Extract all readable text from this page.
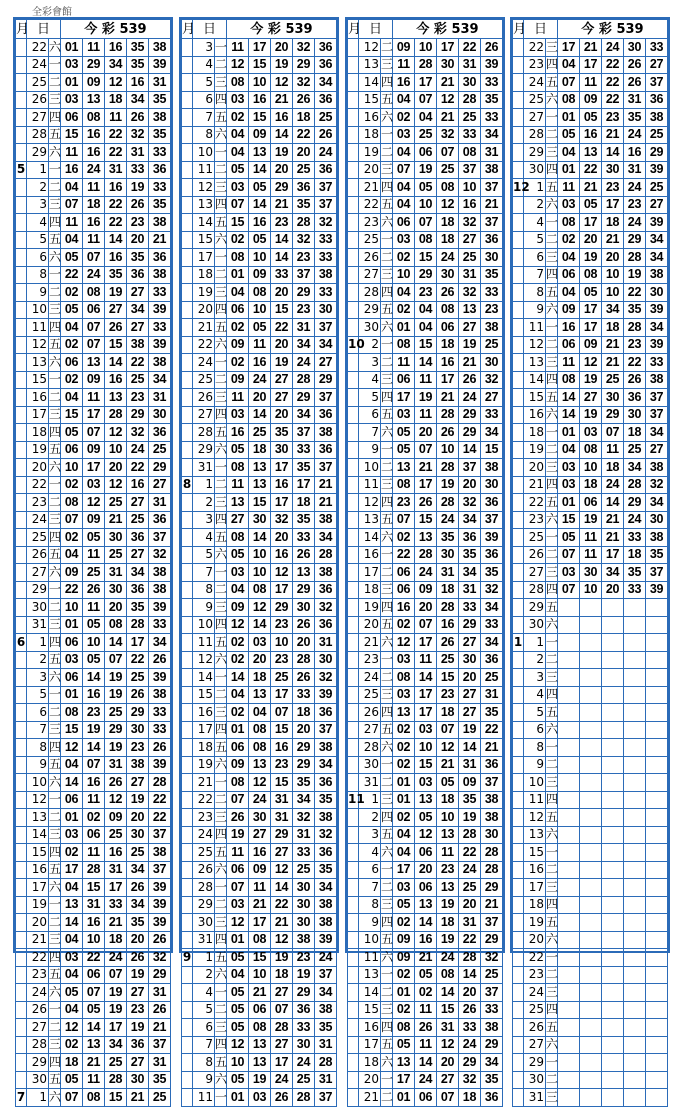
全彩會館
月	日		今 彩 539				
	22	六	01	11	16	35	38
	24	一	03	29	34	35	39
	25	二	01	09	12	16	31
	26	三	03	13	18	34	35
	27	四	06	08	11	26	38
	28	五	15	16	22	32	35
	29	六	11	16	22	31	33
5	1	一	16	24	31	33	36
	2	二	04	11	16	19	33
	3	三	07	18	22	26	35
	4	四	11	16	22	23	38
	5	五	04	11	14	20	21
	6	六	05	07	16	35	36
	8	一	22	24	35	36	38
	9	二	02	08	19	27	33
	10	三	05	06	27	34	39
	11	四	04	07	26	27	33
	12	五	02	07	15	38	39
	13	六	06	13	14	22	38
	15	一	02	09	16	25	34
	16	二	04	11	13	23	31
	17	三	15	17	28	29	30
	18	四	05	07	12	32	36
	19	五	06	09	10	24	25
	20	六	10	17	20	22	29
	22	一	02	03	12	16	27
	23	二	08	12	25	27	31
	24	三	07	09	21	25	36
	25	四	02	05	30	36	37
	26	五	04	11	25	27	32
	27	六	09	25	31	34	38
	29	一	22	26	30	36	38
	30	二	10	11	20	35	39
	31	三	01	05	08	28	33
6	1	四	06	10	14	17	34
	2	五	03	05	07	22	26
	3	六	06	14	19	25	39
	5	一	01	16	19	26	38
	6	二	08	23	25	29	33
	7	三	15	19	29	30	33
	8	四	12	14	19	23	26
	9	五	04	07	31	38	39
	10	六	14	16	26	27	28
	12	一	06	11	12	19	22
	13	二	01	02	09	20	22
	14	三	03	06	25	30	37
	15	四	02	11	16	25	38
	16	五	17	28	31	34	37
	17	六	04	15	17	26	39
	19	一	13	31	33	34	39
	20	二	14	16	21	35	39
	21	三	04	10	18	20	26
	22	四	03	22	24	26	32
	23	五	04	06	07	19	29
	24	六	05	07	19	27	31
	26	一	04	05	19	23	26
	27	二	12	14	17	19	21
	28	三	02	13	34	36	37
	29	四	18	21	25	27	31
	30	五	05	11	28	30	35
7	1	六	07	08	15	21	25
月	日		今 彩 539				
	3	一	11	17	20	32	36
	4	二	12	15	19	29	36
	5	三	08	10	12	32	34
	6	四	03	16	21	26	36
	7	五	02	15	16	18	25
	8	六	04	09	14	22	26
	10	一	04	13	19	20	24
	11	二	05	14	20	25	36
	12	三	03	05	29	36	37
	13	四	07	14	21	35	37
	14	五	15	16	23	28	32
	15	六	02	05	14	32	33
	17	一	08	10	14	23	33
	18	二	01	09	33	37	38
	19	三	04	08	20	29	33
	20	四	06	10	15	23	30
	21	五	02	05	22	31	37
	22	六	09	11	20	34	34
	24	一	02	16	19	24	27
	25	二	09	24	27	28	29
	26	三	11	20	27	29	37
	27	四	03	14	20	34	36
	28	五	16	25	35	37	38
	29	六	05	18	30	33	36
	31	一	08	13	17	35	37
8	1	二	11	13	16	17	21
	2	三	13	15	17	18	21
	3	四	27	30	32	35	38
	4	五	08	14	20	33	34
	5	六	05	10	16	26	28
	7	一	03	10	12	13	38
	8	二	04	08	17	29	36
	9	三	09	12	29	30	32
	10	四	12	14	23	26	36
	11	五	02	03	10	20	31
	12	六	02	20	23	28	30
	14	一	14	18	25	26	32
	15	二	04	13	17	33	39
	16	三	02	04	07	18	36
	17	四	01	08	15	20	37
	18	五	06	08	16	29	38
	19	六	09	13	23	29	34
	21	一	08	12	15	35	36
	22	二	07	24	31	34	35
	23	三	26	30	31	32	38
	24	四	19	27	29	31	32
	25	五	11	16	27	33	36
	26	六	06	09	12	25	35
	28	一	07	11	14	30	34
	29	二	03	21	22	30	38
	30	三	12	17	21	30	38
	31	四	01	08	12	38	39
9	1	五	05	15	19	23	24
	2	六	04	10	18	19	37
	4	一	05	21	27	29	34
	5	二	05	06	07	36	38
	6	三	05	08	28	33	35
	7	四	12	13	27	30	31
	8	五	10	13	17	24	28
	9	六	05	19	24	25	31
	11	一	01	03	26	28	37
月	日		今 彩 539				
	12	二	09	10	17	22	26
	13	三	11	28	30	31	39
	14	四	16	17	21	30	33
	15	五	04	07	12	28	35
	16	六	02	04	21	25	33
	18	一	03	25	32	33	34
	19	二	04	06	07	08	31
	20	三	07	19	25	37	38
	21	四	04	05	08	10	37
	22	五	04	10	12	16	21
	23	六	06	07	18	32	37
	25	一	03	08	18	27	36
	26	二	02	15	24	25	30
	27	三	10	29	30	31	35
	28	四	04	23	26	32	33
	29	五	02	04	08	13	23
	30	六	01	04	06	27	38
10	2	一	08	15	18	19	25
	3	二	11	14	16	21	30
	4	三	06	11	17	26	32
	5	四	17	19	21	24	27
	6	五	03	11	28	29	33
	7	六	05	20	26	29	34
	9	一	05	07	10	14	15
	10	二	13	21	28	37	38
	11	三	08	17	19	20	30
	12	四	23	26	28	32	36
	13	五	07	15	24	34	37
	14	六	02	13	35	36	39
	16	一	22	28	30	35	36
	17	二	06	24	31	34	35
	18	三	06	09	18	31	32
	19	四	16	20	28	33	34
	20	五	02	07	16	29	33
	21	六	12	17	26	27	34
	23	一	03	11	25	30	36
	24	二	08	14	15	20	25
	25	三	03	17	23	27	31
	26	四	13	17	18	27	35
	27	五	02	03	07	19	22
	28	六	02	10	12	14	21
	30	一	02	15	21	31	36
	31	二	01	03	05	09	37
11	1	三	01	13	18	35	38
	2	四	02	05	10	19	38
	3	五	04	12	13	28	30
	4	六	04	06	11	22	28
	6	一	17	20	23	24	28
	7	二	03	06	13	25	29
	8	三	05	13	19	20	21
	9	四	02	14	18	31	37
	10	五	09	16	19	22	29
	11	六	09	21	24	28	32
	13	一	02	05	08	14	25
	14	二	01	02	14	20	37
	15	三	02	11	15	26	33
	16	四	08	26	31	33	38
	17	五	05	11	12	24	29
	18	六	13	14	20	29	34
	20	一	17	24	27	32	35
	21	二	01	06	07	18	36
月	日		今 彩 539				
	22	三	17	21	24	30	33
	23	四	04	17	22	26	27
	24	五	07	11	22	26	37
	25	六	08	09	22	31	36
	27	一	01	05	23	35	38
	28	二	05	16	21	24	25
	29	三	04	13	14	16	29
	30	四	01	22	30	31	39
12	1	五	11	21	23	24	25
	2	六	03	05	17	23	27
	4	一	08	17	18	24	39
	5	二	02	20	21	29	34
	6	三	04	19	20	28	34
	7	四	06	08	10	19	38
	8	五	04	05	10	22	30
	9	六	09	17	34	35	39
	11	一	16	17	18	28	34
	12	二	06	09	21	23	39
	13	三	11	12	21	22	33
	14	四	08	19	25	26	38
	15	五	14	27	30	36	37
	16	六	14	19	29	30	37
	18	一	01	03	07	18	34
	19	二	04	08	11	25	27
	20	三	03	10	18	34	38
	21	四	03	18	24	28	32
	22	五	01	06	14	29	34
	23	六	15	19	21	24	30
	25	一	05	11	21	33	38
	26	二	07	11	17	18	35
	27	三	03	30	34	35	37
	28	四	07	10	20	33	39
	29	五					
	30	六					
1	1	一					
	2	二					
	3	三					
	4	四					
	5	五					
	6	六					
	8	一					
	9	二					
	10	三					
	11	四					
	12	五					
	13	六					
	15	一					
	16	二					
	17	三					
	18	四					
	19	五					
	20	六					
	22	一					
	23	二					
	24	三					
	25	四					
	26	五					
	27	六					
	29	一					
	30	二					
	31	三					
